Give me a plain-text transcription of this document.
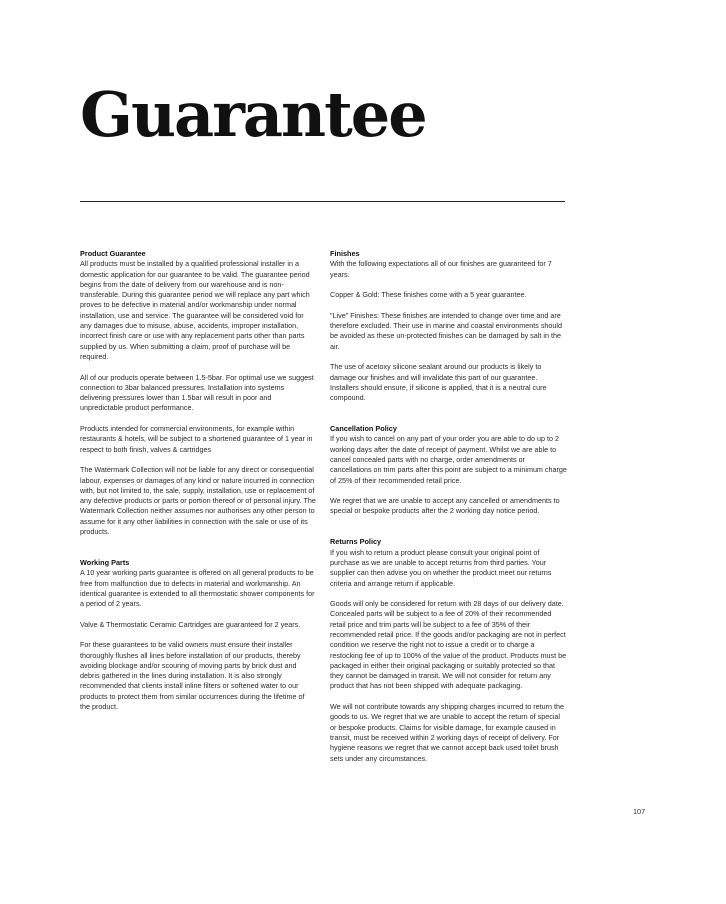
Guarantee
Product Guarantee

All products must be installed by a qualified professional installer in a domestic application for our guarantee to be valid. The guarantee period begins from the date of delivery from our warehouse and is non-transferable. During this guarantee period we will replace any part which proves to be defective in material and/or workmanship under normal installation, use and service. The guarantee will be considered void for any damages due to misuse, abuse, accidents, improper installation, incorrect finish care or use with any replacement parts other than parts supplied by us. When submitting a claim, proof of purchase will be required.

All of our products operate between 1.5-5bar. For optimal use we suggest connection to 3bar balanced pressures. Installation into systems delivering pressures lower than 1.5bar will result in poor and unpredictable product performance.

Products intended for commercial environments, for example within restaurants & hotels, will be subject to a shortened guarantee of 1 year in respect to both finish, valves & cartridges

The Watermark Collection will not be liable for any direct or consequential labour, expenses or damages of any kind or nature incurred in connection with, but not limited to, the sale, supply, installation, use or replacement of any defective products or parts or portion thereof or of personal injury. The Watermark Collection neither assumes nor authorises any other person to assume for it any other liabilities in connection with the sale or use of its products.

Working Parts

A 10 year working parts guarantee is offered on all general products to be free from malfunction due to defects in material and workmanship. An identical guarantee is extended to all thermostatic shower components for a period of 2 years.

Valve & Thermostatic Ceramic Cartridges are guaranteed for 2 years.

For these guarantees to be valid owners must ensure their installer thoroughly flushes all lines before installation of our products, thereby avoiding blockage and/or scouring of moving parts by brick dust and debris gathered in the lines during installation. It is also strongly recommended that clients install inline filters or softened water to our products to protect them from similar occurrences during the lifetime of the product.

Finishes

With the following expectations all of our finishes are guaranteed for 7 years.

Copper & Gold: These finishes come with a 5 year guarantee.

"Live" Finishes: These finishes are intended to change over time and are therefore excluded. Their use in marine and coastal environments should be avoided as these un-protected finishes can be damaged by salt in the air.

The use of acetoxy silicone sealant around our products is likely to damage our finishes and will invalidate this part of our guarantee. Installers should ensure, if silicone is applied, that it is a neutral cure compound.

Cancellation Policy

If you wish to cancel on any part of your order you are able to do up to 2 working days after the date of receipt of payment. Whilst we are able to cancel concealed parts with no charge, order amendments or cancellations on trim parts after this point are subject to a minimum charge of 25% of their recommended retail price.

We regret that we are unable to accept any cancelled or amendments to special or bespoke products after the 2 working day notice period.

Returns Policy

If you wish to return a product please consult your original point of purchase as we are unable to accept returns from third parties. Your supplier can then advise you on whether the product meet our returns criteria and arrange return if applicable.

Goods will only be considered for return with 28 days of our delivery date. Concealed parts will be subject to a fee of 20% of their recommended retail price and trim parts will be subject to a fee of 35% of their recommended retail price. If the goods and/or packaging are not in perfect condition we reserve the right not to issue a credit or to charge a restocking fee of up to 100% of the value of the product. Products must be packaged in either their original packaging or suitably protected so that they cannot be damaged in transit. We will not consider for return any product that has not been shipped with adequate packaging.

We will not contribute towards any shipping charges incurred to return the goods to us. We regret that we are unable to accept the return of special or bespoke products. Claims for visible damage, for example caused in transit, must be received within 2 working days of receipt of delivery. For hygiene reasons we regret that we cannot accept back used toilet brush sets under any circumstances.

107
